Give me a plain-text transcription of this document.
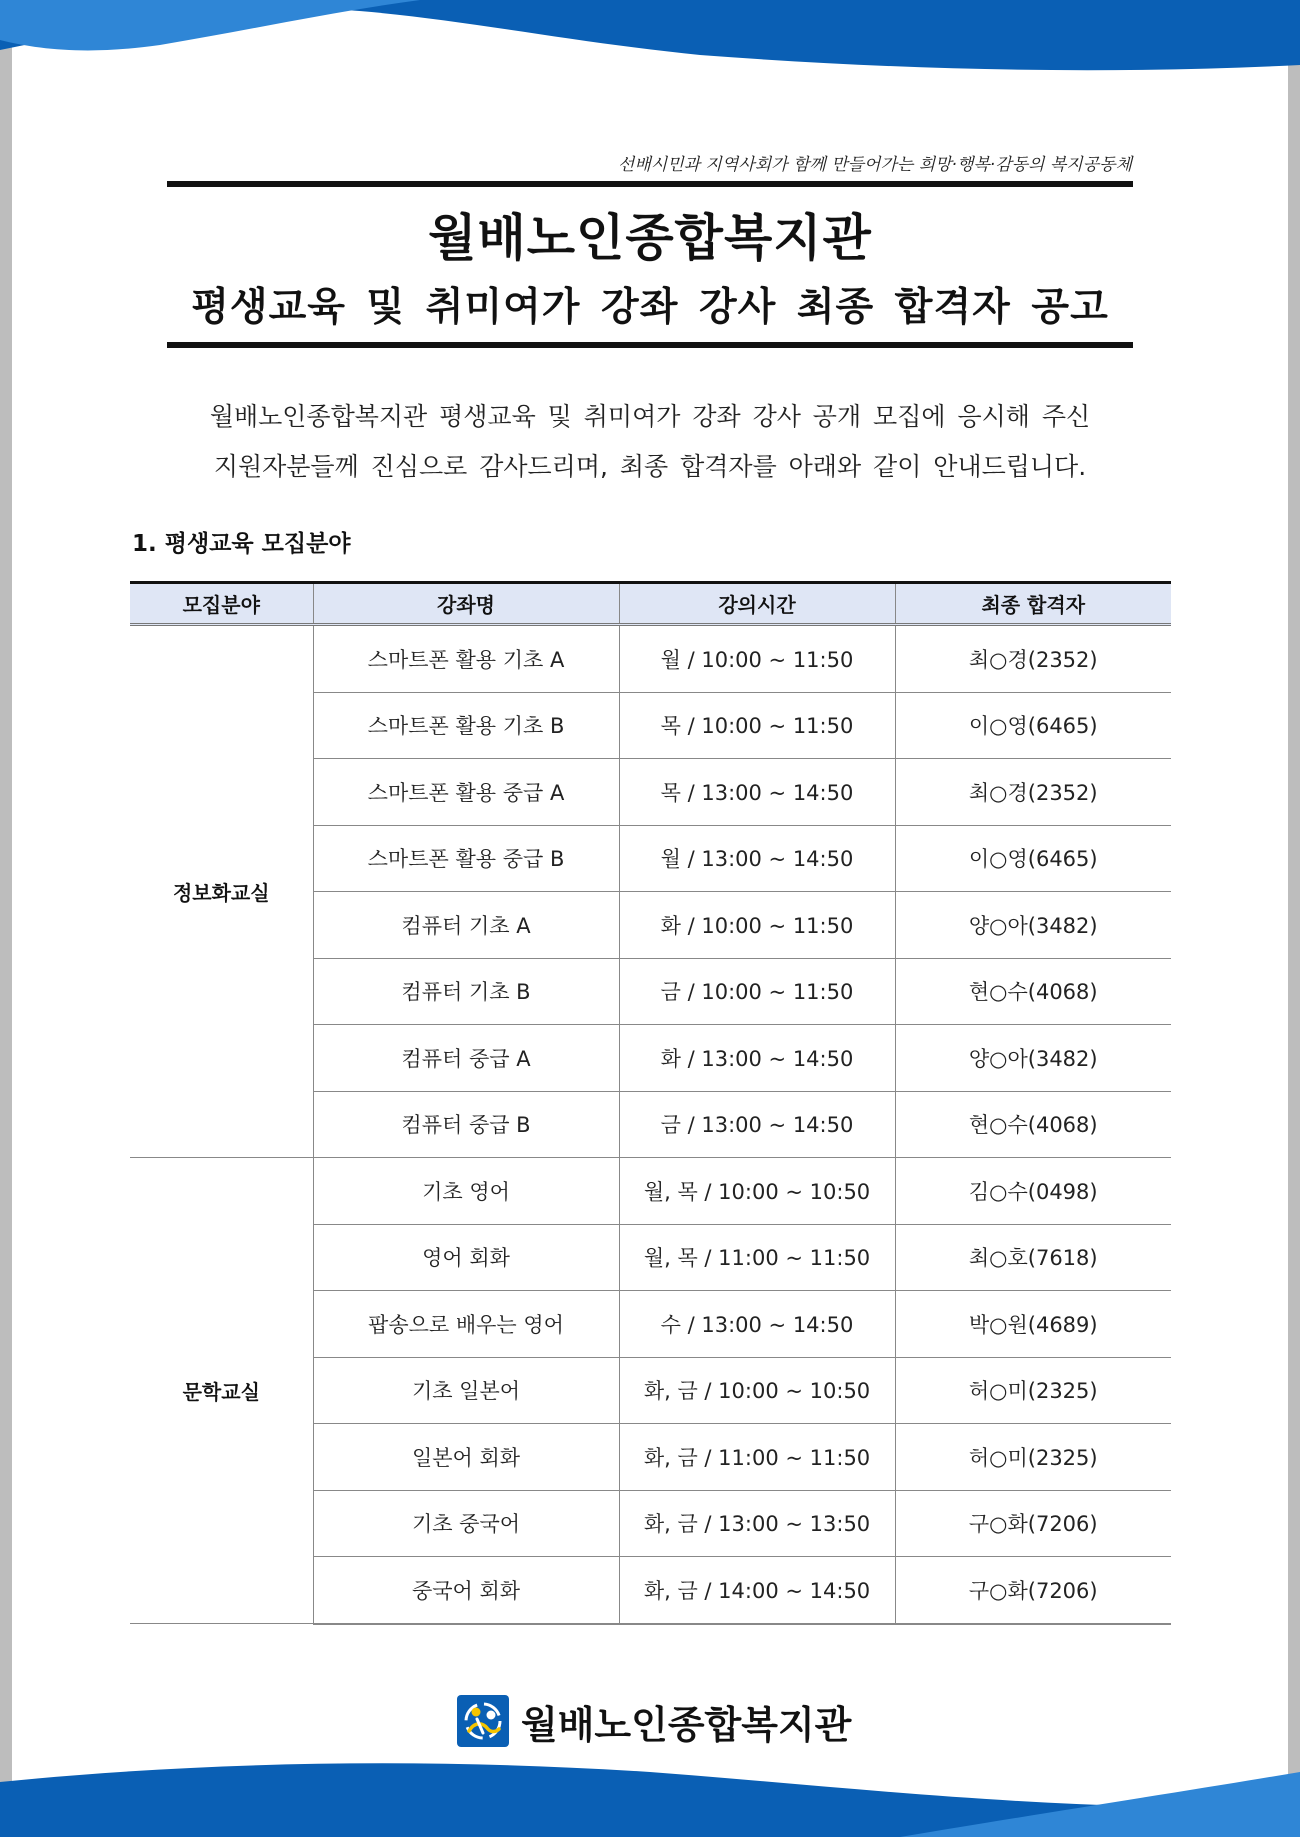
선배시민과 지역사회가 함께 만들어가는 희망·행복·감동의 복지공동체
월배노인종합복지관
평생교육 및 취미여가 강좌 강사 최종 합격자 공고
월배노인종합복지관 평생교육 및 취미여가 강좌 강사 공개 모집에 응시해 주신
지원자분들께 진심으로 감사드리며, 최종 합격자를 아래와 같이 안내드립니다.
1. 평생교육 모집분야
모집분야	강좌명	강의시간	최종 합격자
정보화교실	스마트폰 활용 기초 A	월 / 10:00 ~ 11:50	최○경(2352)
	스마트폰 활용 기초 B	목 / 10:00 ~ 11:50	이○영(6465)
	스마트폰 활용 중급 A	목 / 13:00 ~ 14:50	최○경(2352)
	스마트폰 활용 중급 B	월 / 13:00 ~ 14:50	이○영(6465)
	컴퓨터 기초 A	화 / 10:00 ~ 11:50	양○아(3482)
	컴퓨터 기초 B	금 / 10:00 ~ 11:50	현○수(4068)
	컴퓨터 중급 A	화 / 13:00 ~ 14:50	양○아(3482)
	컴퓨터 중급 B	금 / 13:00 ~ 14:50	현○수(4068)
문학교실	기초 영어	월, 목 / 10:00 ~ 10:50	김○수(0498)
	영어 회화	월, 목 / 11:00 ~ 11:50	최○호(7618)
	팝송으로 배우는 영어	수 / 13:00 ~ 14:50	박○원(4689)
	기초 일본어	화, 금 / 10:00 ~ 10:50	허○미(2325)
	일본어 회화	화, 금 / 11:00 ~ 11:50	허○미(2325)
	기초 중국어	화, 금 / 13:00 ~ 13:50	구○화(7206)
	중국어 회화	화, 금 / 14:00 ~ 14:50	구○화(7206)
월배노인종합복지관
